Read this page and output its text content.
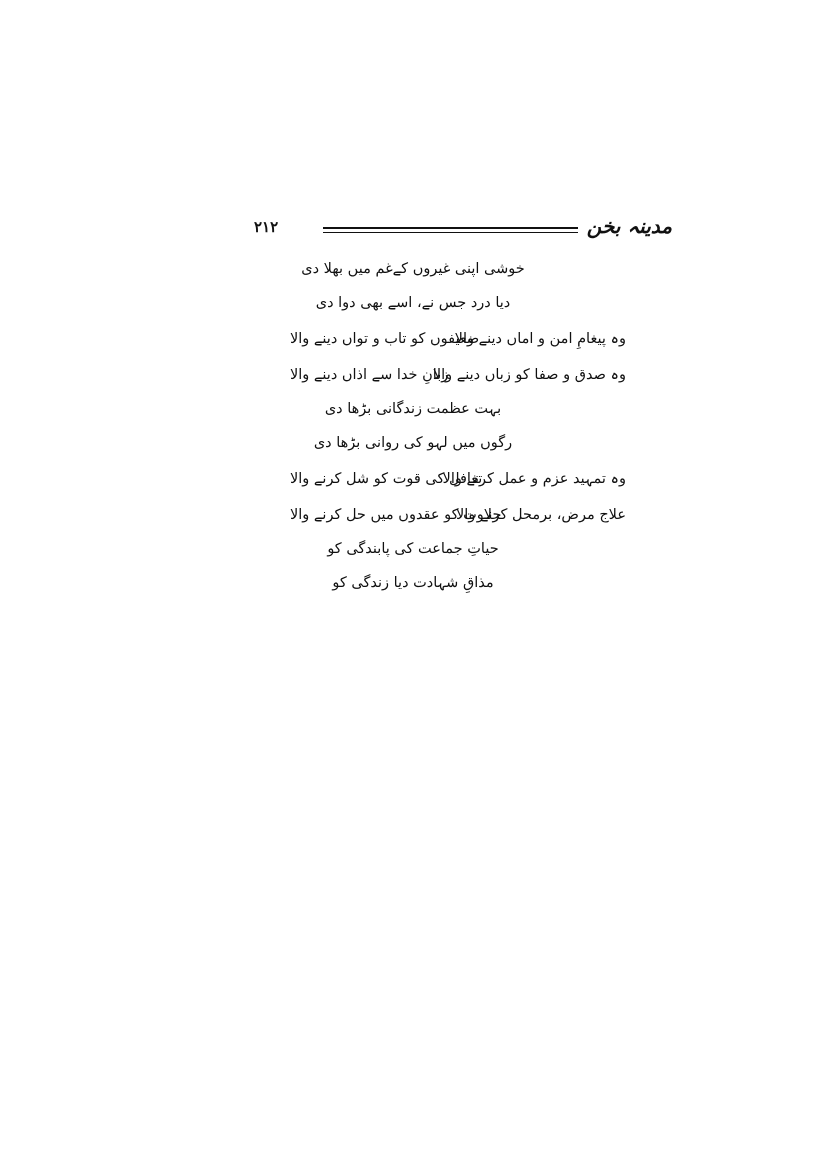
۲۱۲	مدینہ بخن
خوشی اپنی غیروں کےغم میں بھلا دی
دیا درد جس نے، اسے بھی دوا دی
وہ پیغامِ امن و اماں دینے والا
ضعیفوں کو تاب و تواں دینے والا
وہ صدق و صفا کو زباں دینے والا
زبانِ خدا سے اذاں دینے والا
بہت عظمت زندگانی بڑھا دی
رگوں میں لہو کی روانی بڑھا دی
وہ تمہید عزم و عمل کرنے والا
تغافل کی قوت کو شل کرنے والا
علاج مرض، برمحل کرنے والا
حلاوت کو عقدوں میں حل کرنے والا
حیاتِ جماعت کی پابندگی کو
مذاقِ شہادت دیا زندگی کو
